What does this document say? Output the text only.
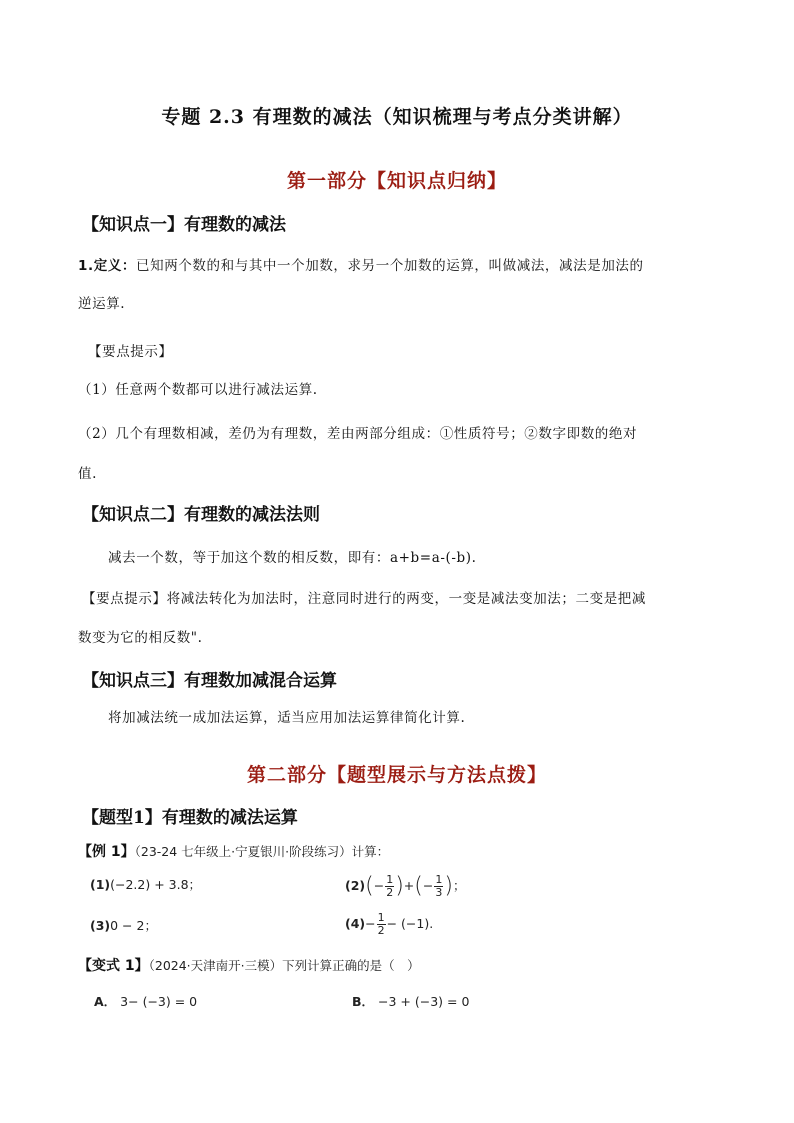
专题 2.3 有理数的减法（知识梳理与考点分类讲解）
第一部分【知识点归纳】
【知识点一】有理数的减法
1.定义：已知两个数的和与其中一个加数，求另一个加数的运算，叫做减法，减法是加法的
逆运算.
【要点提示】
（1）任意两个数都可以进行减法运算.
（2）几个有理数相减，差仍为有理数，差由两部分组成：①性质符号；②数字即数的绝对
值.
【知识点二】有理数的减法法则
减去一个数，等于加这个数的相反数，即有：a+b=a-(-b).
【要点提示】将减法转化为加法时，注意同时进行的两变，一变是减法变加法；二变是把减
数变为它的相反数".
【知识点三】有理数加减混合运算
将加减法统一成加法运算，适当应用加法运算律简化计算.
第二部分【题型展示与方法点拨】
【题型1】有理数的减法运算
【例 1】（23-24 七年级上·宁夏银川·阶段练习）计算：
(1)(−2.2) + 3.8；	$(2)(- \frac{1}{2}$ )+(− $\frac{1}{3}$ )；
(3)0 − 2；	$(4)- \frac{1}{2} - (-1)$.
【变式 1】（2024·天津南开·三模）下列计算正确的是（　）
A． 3− (−3) = 0	B． −3 + (−3) = 0
